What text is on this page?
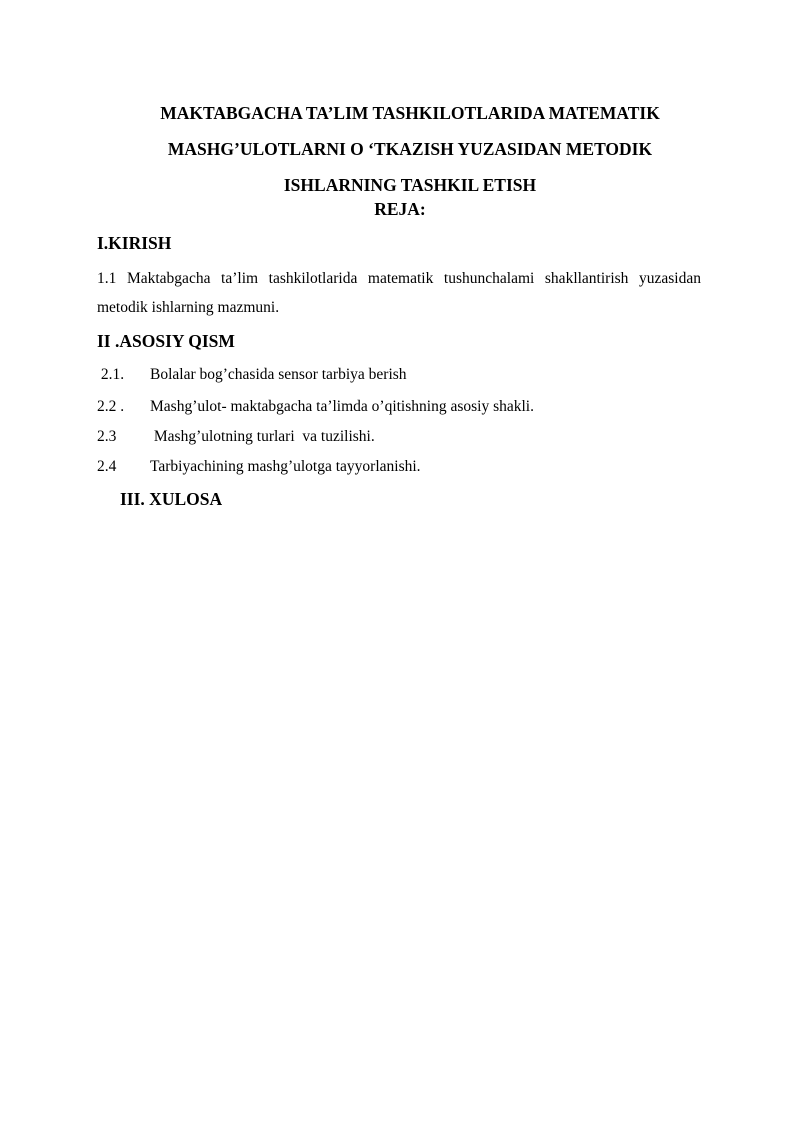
MAKTABGACHA TA’LIM TASHKILOTLARIDA MATEMATIK
MASHG’ULOTLARNI O ‘TKAZISH YUZASIDAN METODIK
ISHLARNING TASHKIL ETISH
REJA:
I.KIRISH
1.1 Maktabgacha ta’lim tashkilotlarida matematik tushunchalami shakllantirish yuzasidan metodik ishlarning mazmuni.
II .ASOSIY QISM
2.1. Bolalar bog’chasida sensor tarbiya berish
2.2 . Mashg’ulot- maktabgacha ta’limda o’qitishning asosiy shakli.
2.3 Mashg’ulotning turlari  va tuzilishi.
2.4 Tarbiyachining mashg’ulotga tayyorlanishi.
III. XULOSA
